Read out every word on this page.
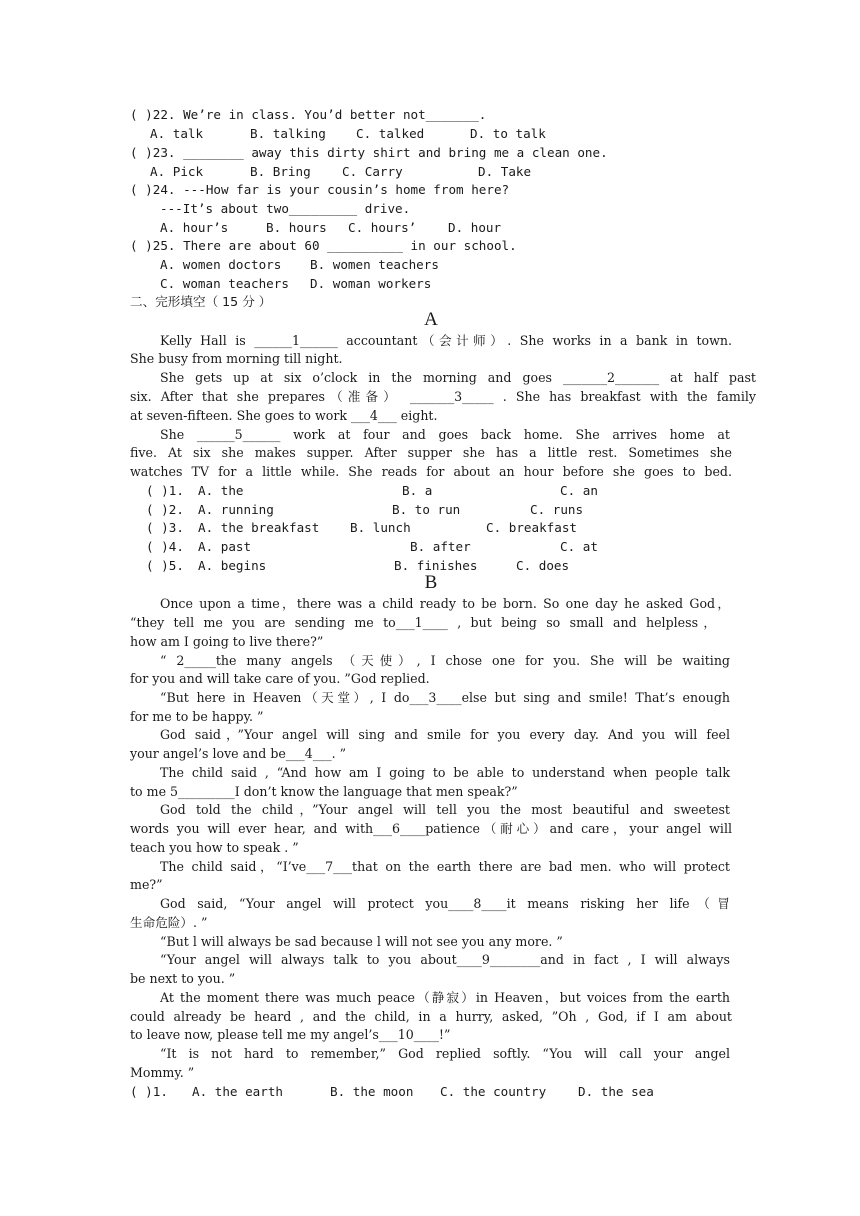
( )22. We’re in class. You’d better not_______.
A. talk	B. talking C. talked	D. to talk
( )23. ________ away this dirty shirt and bring me a clean one.
A. Pick	B. Bring C. Carry	D. Take
( )24. ---How far is your cousin’s home from here?
---It’s about two_________ drive.
A. hour’s	B. hours C. hours’	D. hour
( )25. There are about 60 __________ in our school.
A. women doctors B. women teachers
C. woman teachers D. woman workers
二、完形填空（ 15 分 ）
A
Kelly Hall is ______1______ accountant（会计师）. She works in a bank in town.
She busy from morning till night.
She gets up at six o’clock in the morning and goes _______2_______ at half past
six. After that she prepares（准备） _______3_____ . She has breakfast with the family
at seven-fifteen. She goes to work ___4___ eight.
She ______5______ work at four and goes back home. She arrives home at
five. At six she makes supper. After supper she has a little rest. Sometimes she
watches TV for a little while. She reads for about an hour before she goes to bed.
( )1. A. the	B. a	C. an
( )2. A. running	B. to run	C. runs
( )3. A. the breakfast B. lunch	C. breakfast
( )4. A. past	B. after	C. at
( )5. A. begins	B. finishes	C. does
B
Once upon a time，there was a child ready to be born. So one day he asked God，
“they tell me you are sending me to___1____ , but being so small and helpless，
how am I going to live there?”
“ 2_____the many angels （天使）, I chose one for you. She will be waiting
for you and will take care of you. ”God replied.
“But here in Heaven（天堂）, I do___3____else but sing and smile! That’s enough
for me to be happy. ”
God said，”Your angel will sing and smile for you every day. And you will feel
your angel’s love and be___4___. ”
The child said , “And how am I going to be able to understand when people talk
to me 5_________I don’t know the language that men speak?”
God told the child，”Your angel will tell you the most beautiful and sweetest
words you will ever hear, and with___6____patience（耐心）and care，your angel will
teach you how to speak . ”
The child said，“I’ve___7___that on the earth there are bad men. who will protect
me?”
God said, “Your angel will protect you____8____it means risking her life（冒
生命危险）. ”
“But l will always be sad because l will not see you any more. ”
“Your angel will always talk to you about____9________and in fact , I will always
be next to you. ”
At the moment there was much peace（静寂）in Heaven，but voices from the earth
could already be heard , and the child, in a hurry, asked, ”Oh , God, if I am about
to leave now, please tell me my angel’s___10____!”
“It is not hard to remember,” God replied softly. “You will call your angel
Mommy. ”
( )1. A. the earth	B. the moon C. the country	D. the sea
